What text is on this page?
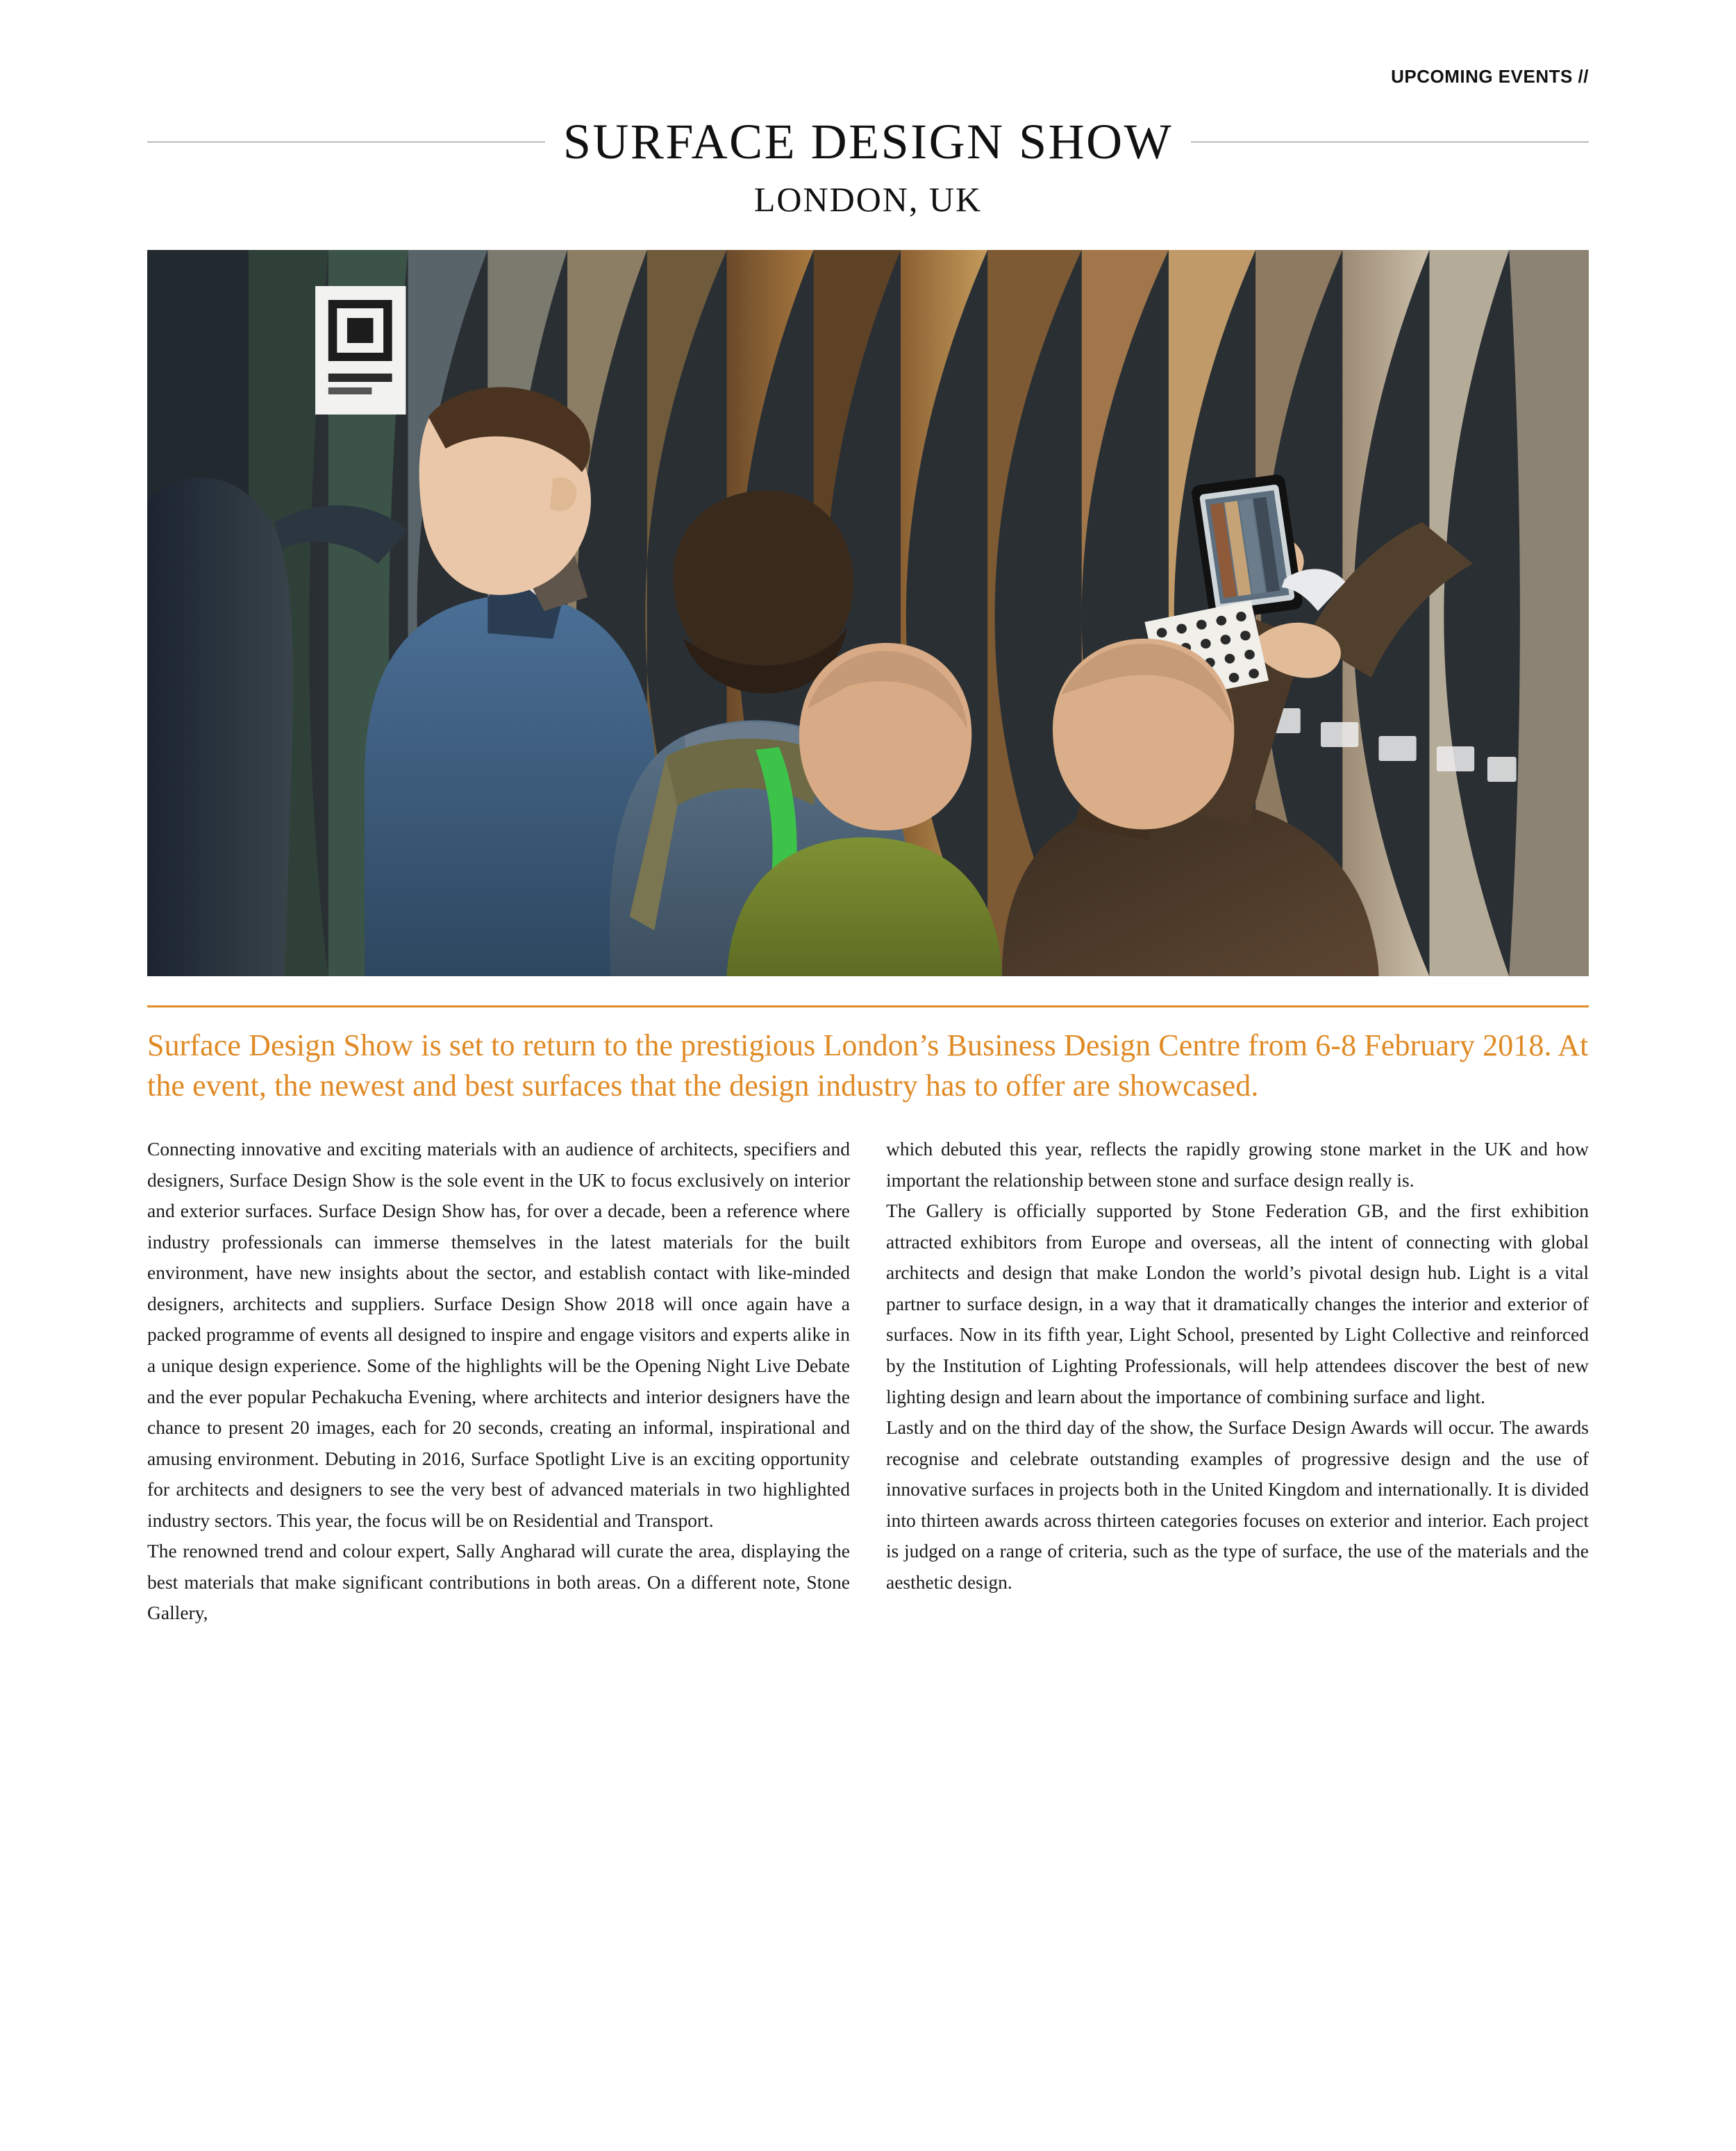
UPCOMING EVENTS //
SURFACE DESIGN SHOW
LONDON, UK
Surface Design Show is set to return to the prestigious London’s Business Design Centre from 6-8 February 2018. At the event, the newest and best surfaces that the design industry has to offer are showcased.

Connecting innovative and exciting materials with an audience of architects, specifiers and designers, Surface Design Show is the sole event in the UK to focus exclusively on interior and exterior surfaces. Surface Design Show has, for over a decade, been a reference where industry professionals can immerse themselves in the latest materials for the built environment, have new insights about the sector, and establish contact with like-minded designers, architects and suppliers. Surface Design Show 2018 will once again have a packed programme of events all designed to inspire and engage visitors and experts alike in a unique design experience. Some of the highlights will be the Opening Night Live Debate and the ever popular Pechakucha Evening, where architects and interior designers have the chance to present 20 images, each for 20 seconds, creating an informal, inspirational and amusing environment. Debuting in 2016, Surface Spotlight Live is an exciting opportunity for architects and designers to see the very best of advanced materials in two highlighted industry sectors. This year, the focus will be on Residential and Transport.

The renowned trend and colour expert, Sally Angharad will curate the area, displaying the best materials that make significant contributions in both areas. On a different note, Stone Gallery,

which debuted this year, reflects the rapidly growing stone market in the UK and how important the relationship between stone and surface design really is.

The Gallery is officially supported by Stone Federation GB, and the first exhibition attracted exhibitors from Europe and overseas, all the intent of connecting with global architects and design that make London the world’s pivotal design hub. Light is a vital partner to surface design, in a way that it dramatically changes the interior and exterior of surfaces. Now in its fifth year, Light School, presented by Light Collective and reinforced by the Institution of Lighting Professionals, will help attendees discover the best of new lighting design and learn about the importance of combining surface and light.

Lastly and on the third day of the show, the Surface Design Awards will occur. The awards recognise and celebrate outstanding examples of progressive design and the use of innovative surfaces in projects both in the United Kingdom and internationally. It is divided into thirteen awards across thirteen categories focuses on exterior and interior. Each project is judged on a range of criteria, such as the type of surface, the use of the materials and the aesthetic design.
